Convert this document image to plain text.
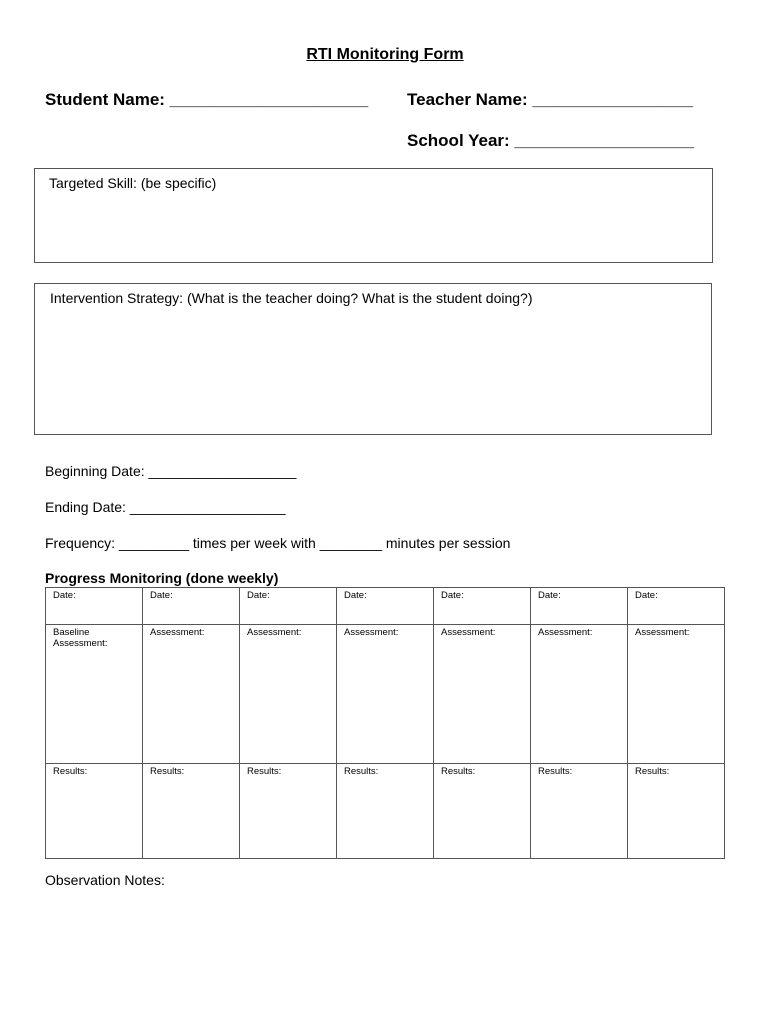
RTI Monitoring Form
Student Name: _____________________ Teacher Name: _________________
School Year: ___________________
Targeted Skill: (be specific)
Intervention Strategy: (What is the teacher doing? What is the student doing?)
Beginning Date: ___________________
Ending Date: ____________________
Frequency: _________ times per week with ________ minutes per session
Progress Monitoring (done weekly)
Date:	Date:	Date:	Date:	Date:	Date:	Date:
Baseline Assessment:	Assessment:	Assessment:	Assessment:	Assessment:	Assessment:	Assessment:
Results:	Results:	Results:	Results:	Results:	Results:	Results:
Observation Notes:
